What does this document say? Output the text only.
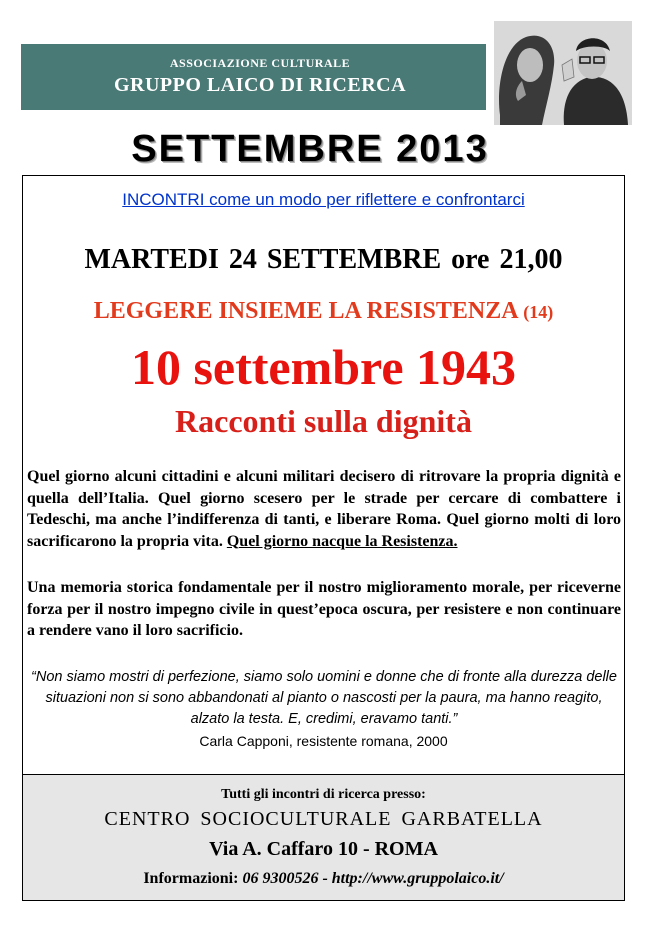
ASSOCIAZIONE CULTURALE
GRUPPO LAICO DI RICERCA
SETTEMBRE 2013
INCONTRI come un modo per riflettere e confrontarci
MARTEDI 24 SETTEMBRE ore 21,00
LEGGERE INSIEME LA RESISTENZA (14)
10 settembre 1943
Racconti sulla dignità

Quel giorno alcuni cittadini e alcuni militari decisero di ritrovare la propria dignità e quella dell’Italia. Quel giorno scesero per le strade per cercare di combattere i Tedeschi, ma anche l’indifferenza di tanti, e liberare Roma. Quel giorno molti di loro sacrificarono la propria vita. Quel giorno nacque la Resistenza.

Una memoria storica fondamentale per il nostro miglioramento morale, per riceverne forza per il nostro impegno civile in quest’epoca oscura, per resistere e non continuare a rendere vano il loro sacrificio.

“Non siamo mostri di perfezione, siamo solo uomini e donne che di fronte alla durezza delle situazioni non si sono abbandonati al pianto o nascosti per la paura, ma hanno reagito, alzato la testa. E, credimi, eravamo tanti.”

Carla Capponi, resistente romana, 2000
Tutti gli incontri di ricerca presso:
CENTRO SOCIOCULTURALE GARBATELLA
Via A. Caffaro 10 - ROMA
Informazioni: 06 9300526 - http://www.gruppolaico.it/
